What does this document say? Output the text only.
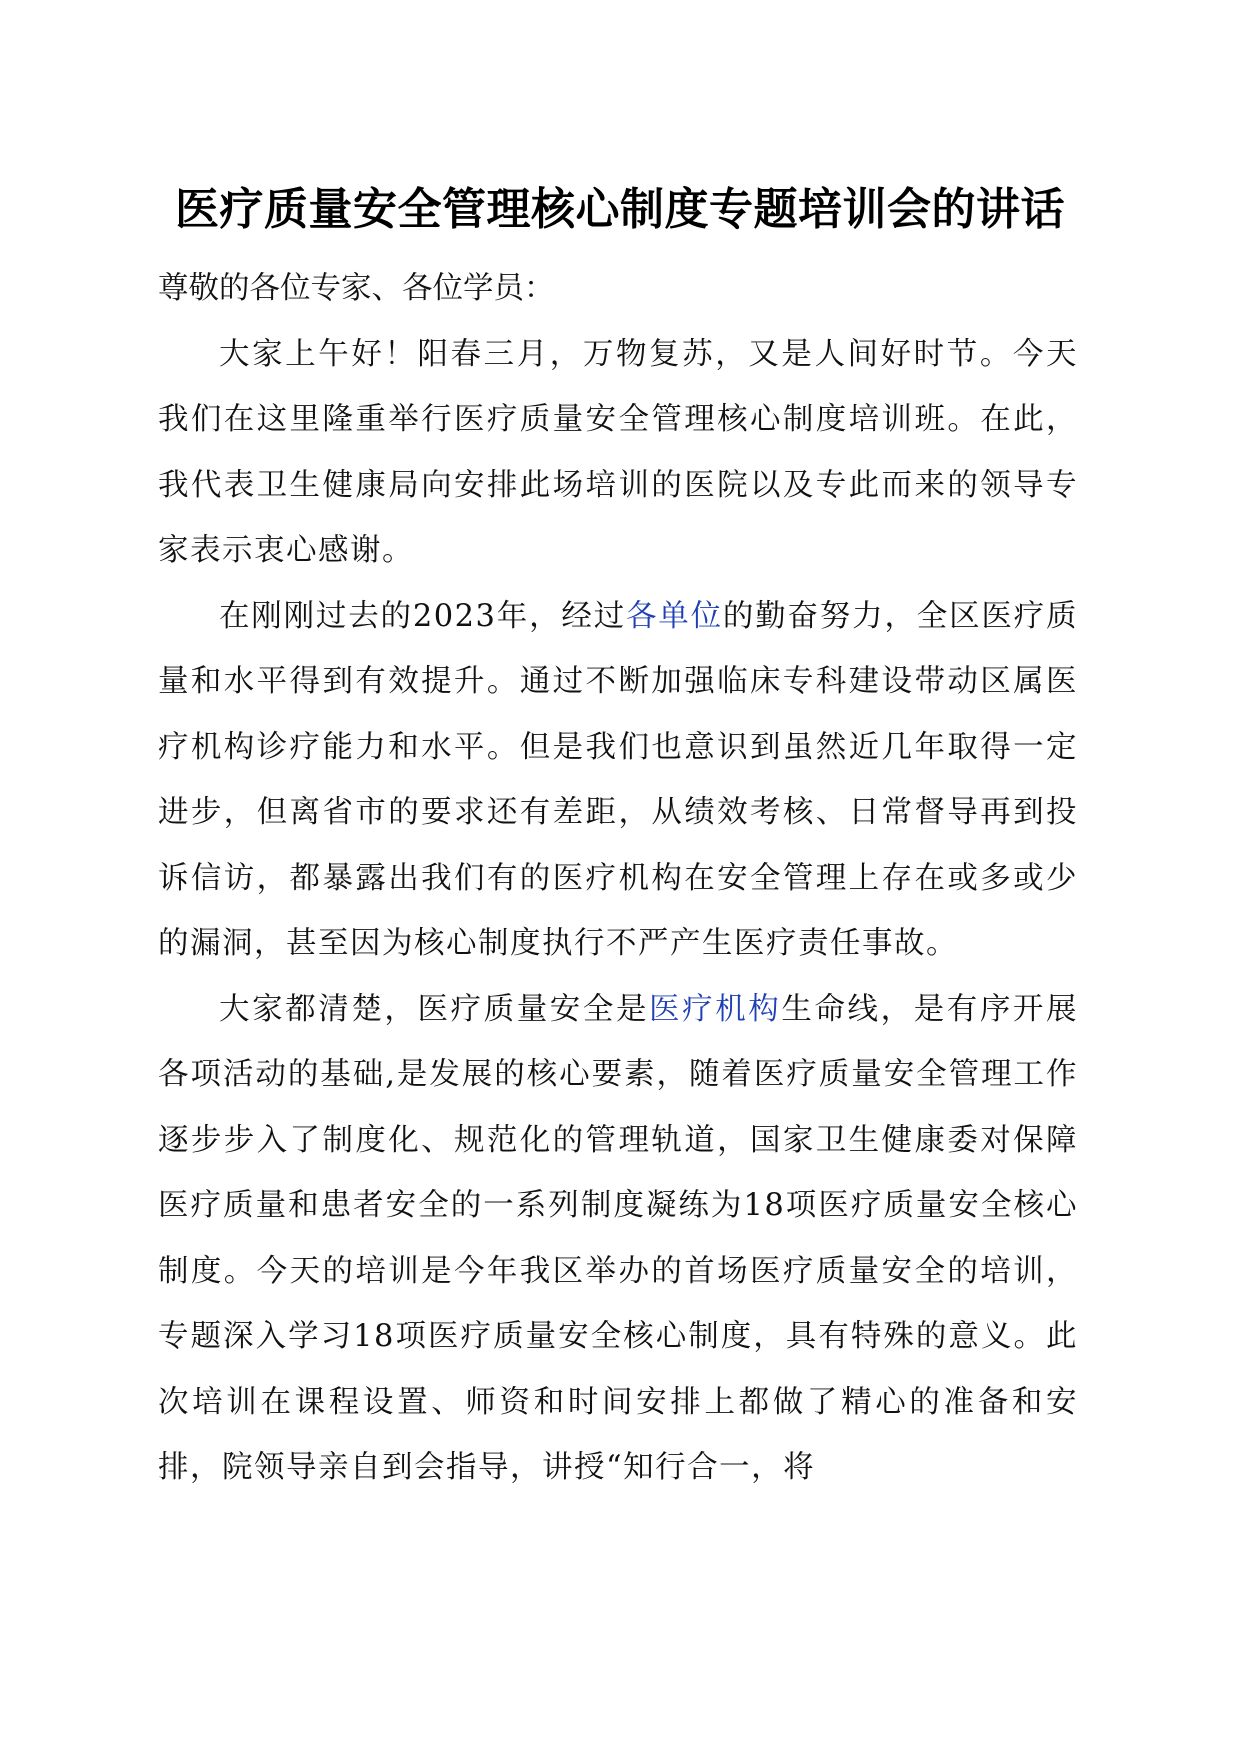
医疗质量安全管理核心制度专题培训会的讲话

尊敬的各位专家、各位学员：

大家上午好！阳春三月，万物复苏，又是人间好时节。今天我们在这里隆重举行医疗质量安全管理核心制度培训班。在此，我代表卫生健康局向安排此场培训的医院以及专此而来的领导专家表示衷心感谢。

在刚刚过去的2023年，经过各单位的勤奋努力，全区医疗质量和水平得到有效提升。通过不断加强临床专科建设带动区属医疗机构诊疗能力和水平。但是我们也意识到虽然近几年取得一定进步，但离省市的要求还有差距，从绩效考核、日常督导再到投诉信访，都暴露出我们有的医疗机构在安全管理上存在或多或少的漏洞，甚至因为核心制度执行不严产生医疗责任事故。

大家都清楚，医疗质量安全是医疗机构生命线，是有序开展各项活动的基础,是发展的核心要素，随着医疗质量安全管理工作逐步步入了制度化、规范化的管理轨道，国家卫生健康委对保障医疗质量和患者安全的一系列制度凝练为18项医疗质量安全核心制度。今天的培训是今年我区举办的首场医疗质量安全的培训，专题深入学习18项医疗质量安全核心制度，具有特殊的意义。此次培训在课程设置、师资和时间安排上都做了精心的准备和安排，院领导亲自到会指导，讲授“知行合一，将
